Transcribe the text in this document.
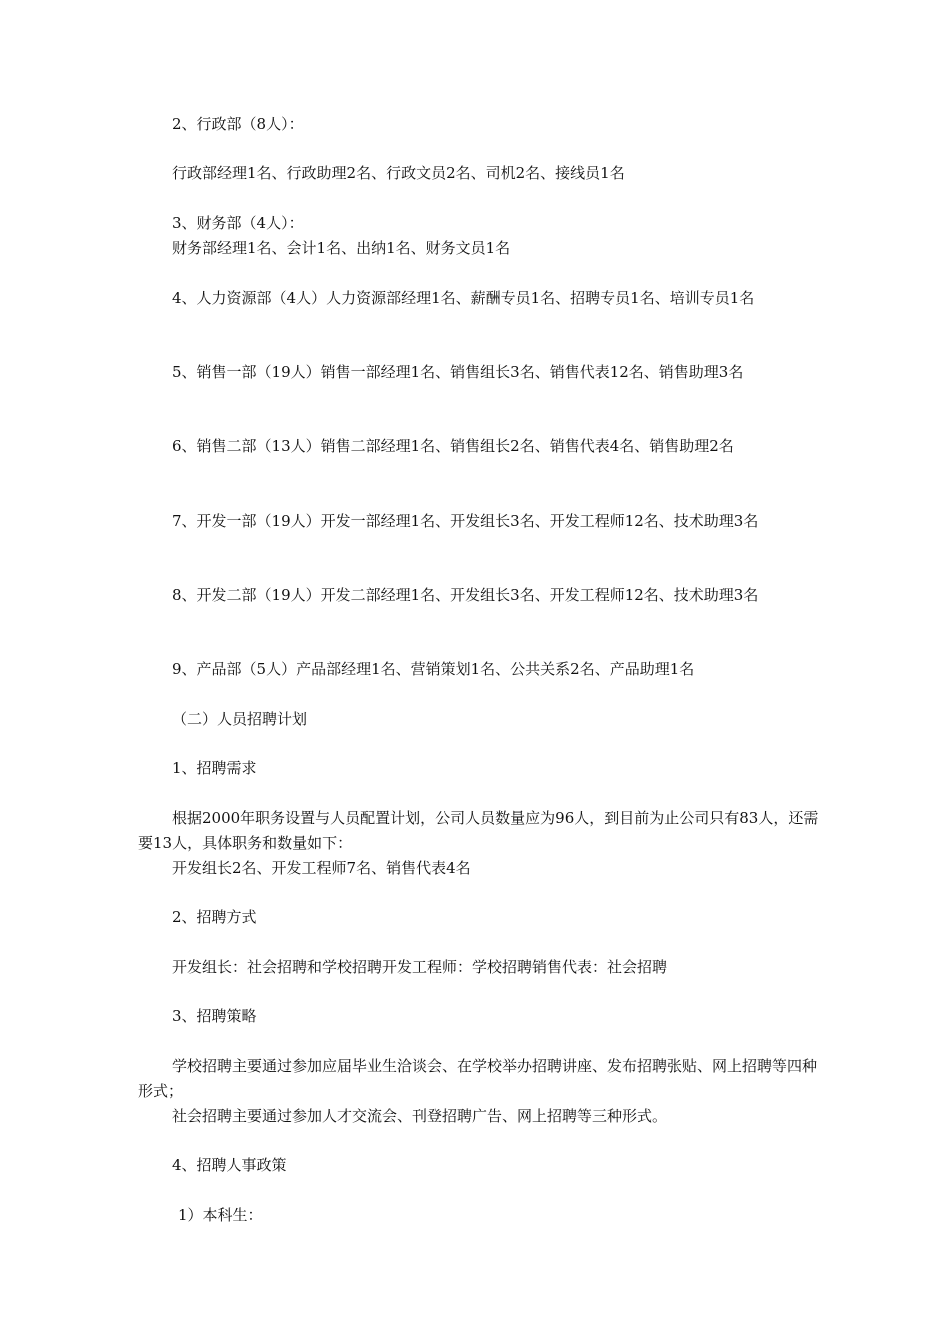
2、行政部（8人）：

行政部经理1名、行政助理2名、行政文员2名、司机2名、接线员1名

3、财务部（4人）：

财务部经理1名、会计1名、出纳1名、财务文员1名

4、人力资源部（4人）人力资源部经理1名、薪酬专员1名、招聘专员1名、培训专员1名

5、销售一部（19人）销售一部经理1名、销售组长3名、销售代表12名、销售助理3名

6、销售二部（13人）销售二部经理1名、销售组长2名、销售代表4名、销售助理2名

7、开发一部（19人）开发一部经理1名、开发组长3名、开发工程师12名、技术助理3名

8、开发二部（19人）开发二部经理1名、开发组长3名、开发工程师12名、技术助理3名

9、产品部（5人）产品部经理1名、营销策划1名、公共关系2名、产品助理1名

（二）人员招聘计划

1、招聘需求

根据2000年职务设置与人员配置计划，公司人员数量应为96人，到目前为止公司只有83人，还需要13人，具体职务和数量如下：

开发组长2名、开发工程师7名、销售代表4名

2、招聘方式

开发组长：社会招聘和学校招聘开发工程师：学校招聘销售代表：社会招聘

3、招聘策略

学校招聘主要通过参加应届毕业生洽谈会、在学校举办招聘讲座、发布招聘张贴、网上招聘等四种形式；

社会招聘主要通过参加人才交流会、刊登招聘广告、网上招聘等三种形式。

4、招聘人事政策

1）本科生：
